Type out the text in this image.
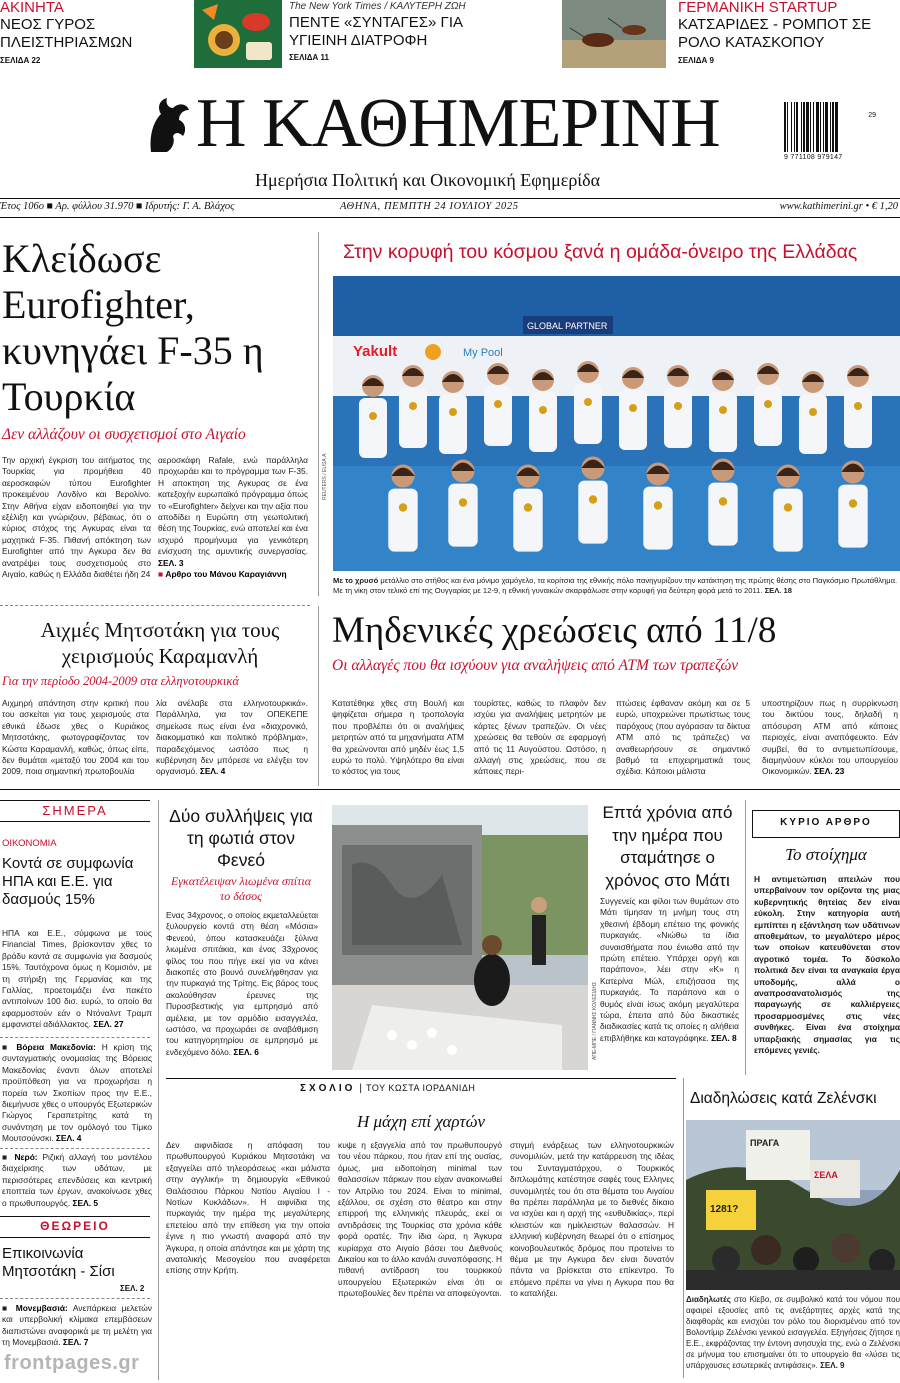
ΑΚΙΝΗΤΑ
ΝΕΟΣ ΓΥΡΟΣ ΠΛΕΙΣΤΗΡΙΑΣΜΩΝ
ΣΕΛΙΔΑ 22
The New York Times / ΚΑΛΥΤΕΡΗ ΖΩΗ
ΠΕΝΤΕ «ΣΥΝΤΑΓΕΣ» ΓΙΑ ΥΓΙΕΙΝΗ ΔΙΑΤΡΟΦΗ
ΣΕΛΙΔΑ 11
ΓΕΡΜΑΝΙΚΗ STARTUP
ΚΑΤΣΑΡΙΔΕΣ - ΡΟΜΠΟΤ ΣΕ ΡΟΛΟ ΚΑΤΑΣΚΟΠΟΥ
ΣΕΛΙΔΑ 9
Η ΚΑΘΗΜΕΡΙΝΗ
Ημερήσια Πολιτική και Οικονομική Εφημερίδα
29
9 771108 979147
Έτος 106ο ■ Αρ. φύλλου 31.970 ■ Ιδρυτής: Γ. Α. Βλάχος	ΑΘΗΝΑ, ΠΕΜΠΤΗ 24 ΙΟΥΛΙΟΥ 2025	www.kathimerini.gr • € 1,20
Κλείδωσε Eurofighter, κυνηγάει F-35 η Τουρκία
Δεν αλλάζουν οι συσχετισμοί στο Αιγαίο
Την αρχική έγκριση του αιτήματος της Τουρκίας για προμήθεια 40 αεροσκαφών τύπου Eurofighter προκειμένου Λονδίνο και Βερολίνο. Στην Αθήνα είχαν ειδοποιηθεί για την εξέλιξη και γνώριζουν, βέβαιως, ότι ο κύριος στόχος της Αγκυρας είναι τα μαχητικά F-35. Πιθανή απόκτηση των Eurofighter από την Αγκυρα δεν θα ανατρέψει τους συσχετισμούς στο Αιγαίο, καθώς η Ελλάδα διαθέτει ήδη 24
αεροσκάφη Rafale, ενώ παράλληλα προχωράει και το πρόγραμμα των F-35. Η αποκτηση της Αγκυρας σε ένα κατεξοχήν ευρωπαϊκό πρόγραμμα όπως το «Eurofighter» δείχνει και την αξία που αποδίδει η Ευρώπη στη γεωπολιτική θέση της Τουρκίας, ενώ αποτελεί και ένα ισχυρό προμήνυμα για γενικότερη ενίσχυση της αμυντικής συνεργασίας. ΣΕΛ. 3
■ Αρθρο του Μάνου Καραγιάννη
Στην κορυφή του κόσμου ξανά η ομάδα-όνειρο της Ελλάδας
Yakult	My Pool
GLOBAL PARTNER
REUTERS / EUSA.A
Με το χρυσό μετάλλιο στο στήθος και ένα μόνιμο χαμόγελο, τα κορίτσια της εθνικής πόλο πανηγυρίζουν την κατάκτηση της πρώτης θέσης στο Παγκόσμιο Πρωτάθλημα. Με τη νίκη στον τελικό επί της Ουγγαρίας με 12-9, η εθνική γυναικών σκαρφάλωσε στην κορυφή για δεύτερη φορά μετά το 2011. ΣΕΛ. 18
Αιχμές Μητσοτάκη για τους χειρισμούς Καραμανλή
Για την περίοδο 2004-2009 στα ελληνοτουρκικά
Αιχμηρή απάντηση στην κριτική που του ασκείται για τους χειρισμούς στα εθνικά έδωσε χθες ο Κυριάκος Μητσοτάκης, φωτογραφίζοντας τον Κώστα Καραμανλή, καθώς, όπως είπε, δεν θυμάται «μεταξύ του 2004 και του 2009, ποια σημαντική πρωτοβουλία
λία ανέλαβε στα ελληνοτουρκικά». Παράλληλα, για τον ΟΠΕΚΕΠΕ σημείωσε πως είναι ένα «διαχρονικό, διακομματικό και πολιτικό πρόβλημα», παραδεχόμενος ωστόσο πως η κυβέρνηση δεν μπόρεσε να ελέγξει τον οργανισμό. ΣΕΛ. 4
Μηδενικές χρεώσεις από 11/8
Οι αλλαγές που θα ισχύουν για αναλήψεις από ΑΤΜ των τραπεζών
Κατατέθηκε χθες στη Βουλή και ψηφίζεται σήμερα η τροπολογία που προβλέπει ότι οι αναλήψεις μετρητών από τα μηχανήματα ATM θα χρεώνονται από μηδέν έως 1,5 ευρώ το πολύ. Υψηλότερο θα είναι το κόστος για τους
τουρίστες, καθώς το πλαφόν δεν ισχύει για αναλήψεις μετρητών με κάρτες ξένων τραπεζών. Οι νέες χρεώσεις θα τεθούν σε εφαρμογή από τις 11 Αυγούστου. Ωστόσο, η αλλαγή στις χρεώσεις, που σε κάποιες περι-
πτώσεις έφθαναν ακόμη και σε 5 ευρώ, υποχρεώνει πρωτίστως τους παρόχους (που αγόρασαν τα δίκτυα ATM από τις τράπεζες) να αναθεωρήσουν σε σημαντικό βαθμό τα επιχειρηματικά τους σχέδια. Κάποιοι μάλιστα
υποστηρίζουν πως η συρρίκνωση του δικτύου τους, δηλαδή η απόσυρση ATM από κάποιες περιοχές, είναι αναπόφευκτο. Εάν συμβεί, θα το αντιμετωπίσουμε, διαμηνύουν κύκλοι του υπουργείου Οικονομικών. ΣΕΛ. 23
ΣΗΜΕΡΑ
ΟΙΚΟΝΟΜΙΑ
Κοντά σε συμφωνία ΗΠΑ και Ε.Ε. για δασμούς 15%
ΗΠΑ και Ε.Ε., σύμφωνα με τους Financial Times, βρίσκονταν χθες το βράδυ κοντά σε συμφωνία για δασμούς 15%. Ταυτόχρονα όμως η Κομισιόν, με τη στήριξη της Γερμανίας και της Γαλλίας, προετοιμάζει ένα πακέτο αντιποίνων 100 δισ. ευρώ, το οποίο θα εφαρμοστούν εάν ο Ντόναλντ Τραμπ εμφανιστεί αδιάλλακτος. ΣΕΛ. 27
■ Βόρεια Μακεδονία: Η κρίση της συνταγματικής ονομασίας της Βόρειας Μακεδονίας έναντι όλων αποτελεί προϋπόθεση για να προχωρήσει η πορεία των Σκοπίων προς την Ε.Ε., διεμήνυσε χθες ο υπουργός Εξωτερικών Γιώργος Γεραπετρίτης κατά τη συνάντηση με τον ομόλογό του Τίμκο Μουτσούνσκι. ΣΕΛ. 4
■ Νερό: Ριζική αλλαγή του μοντέλου διαχείρισης των υδάτων, με περισσότερες επενδύσεις και κεντρική εποπτεία των έργων, ανακοίνωσε χθες ο πρωθυπουργός. ΣΕΛ. 5
ΘΕΩΡΕΙΟ
Επικοινωνία Μητσοτάκη - Σίσι
ΣΕΛ. 2
■ Μονεμβασιά: Ανεπάρκεια μελετών και υπερβολική κλίμακα επεμβάσεων διαπιστώνει αναφορικά με τη μελέτη για τη Μονεμβασιά. ΣΕΛ. 7
Δύο συλλήψεις για τη φωτιά στον Φενεό
Εγκατέλειψαν λιωμένα σπίτια το δάσος
Ενας 34χρονος, ο οποίος εκμεταλλεύεται ξυλουργείο κοντά στη θέση «Μόσια» Φενεού, όπου κατασκευάζει ξύλινα λιωμένα σπιτάκια, και ένας 33χρονος φίλος του που πήγε εκεί για να κάνει διακοπές στο βουνό συνελήφθησαν για την πυρκαγιά της Τρίτης. Εις βάρος τους ακολούθησαν έρευνες της Πυροσβεστικής για εμπρησμό από αμέλεια, με τον αρμόδιο εισαγγελέα, ωστόσο, να προχωράει σε αναβάθμιση του κατηγορητηρίου σε εμπρησμό με ενδεχόμενο δόλο. ΣΕΛ. 6	ΑΠΕ-ΜΠΕ / ΓΙΑΝΝΗΣ ΚΟΛΕΣΙΔΗΣ
Επτά χρόνια από την ημέρα που σταμάτησε ο χρόνος στο Μάτι
Συγγενείς και φίλοι των θυμάτων στο Μάτι τίμησαν τη μνήμη τους στη χθεσινή έβδομη επέτειο της φονικής πυρκαγιάς. «Νιώθω τα ίδια συναισθήματα που ένιωθα από την πρώτη επέτειο. Υπάρχει οργή και παράπονο», λέει στην «Κ» η Κατερίνα Μώλ, επιζήσασα της πυρκαγιάς. Το παράπονο και ο θυμός είναι ίσως ακόμη μεγαλύτερα τώρα, έπειτα από δύο δικαστικές διαδικασίες κατά τις οποίες η αλήθεια επιβλήθηκε και καταγράφηκε. ΣΕΛ. 8
ΚΥΡΙΟ ΑΡΘΡΟ
Το στοίχημα
Η αντιμετώπιση απειλών που υπερβαίνουν τον ορίζοντα της μιας κυβερνητικής θητείας δεν είναι εύκολη. Στην κατηγορία αυτή εμπίπτει η εξάντληση των υδάτινων αποθεμάτων, το μεγαλύτερο μέρος των οποίων κατευθύνεται στον αγροτικό τομέα. Το δύσκολο πολιτικά δεν είναι τα αναγκαία έργα υποδομής, αλλά ο αναπροσανατολισμός της παραγωγής σε καλλιέργειες προσαρμοσμένες στις νέες συνθήκες. Είναι ένα στοίχημα υπαρξιακής σημασίας για τις επόμενες γενιές.
ΣΧΟΛΙΟ | ΤΟΥ ΚΩΣΤΑ ΙΟΡΔΑΝΙΔΗ
Η μάχη επί χαρτών
Δεν αιφνιδίασε η απόφαση του πρωθυπουργού Κυριάκου Μητσοτάκη να εξαγγείλει από τηλεοράσεως «και μάλιστα στην αγγλική» τη δημιουργία «Εθνικού Θαλάσσιου Πάρκου Νοτίου Αιγαίου Ι - Νοτίων Κυκλάδων». Η αιφνίδια της πυρκαγιάς την ημέρα της μεγαλύτερης επετείου από την επίθεση για την οποία έγινε η πιο γνωστή αναφορά από την Άγκυρα, η οποία απάντησε και με χάρτη της ανατολικής Μεσογείου που αναφέρεται επίσης στην Κρήτη.
κυψε η εξαγγελία από τον πρωθυπουργό του νέου πάρκου, που ήταν επί της ουσίας, όμως, μια ειδοποίηση minimal των θαλασσίων πάρκων που είχαν ανακοινωθεί τον Απρίλιο του 2024. Είναι το minimal, εξάλλου, σε σχέση στο θέατρο και στην επιρροή της ελληνικής πλευράς, εκεί οι αντιδράσεις της Τουρκίας στα χρόνια κάθε φορά ορατές. Την ίδια ώρα, η Άγκυρα κυρίαρχα στο Αιγαίο βάσει του Διεθνούς Δικαίου και το άλλο κανάλι συναπόφασης. Η πιθανή αντίδραση του τουρκικού υπουργείου Εξωτερικών είναι ότι οι πρωτοβουλίες δεν πρέπει να αποφεύγονται.
στιγμή ενάρξεως των ελληνοτουρκικών συνομιλιών, μετά την κατάρρευση της ιδέας του Συνταγματάρχου, ο Τουρκικός διπλωμάτης κατέστησε σαφές τους Ελληνες συνομιλητές του ότι στα θέματα του Αιγαίου θα πρέπει παράλληλα με το διεθνές δίκαιο να ισχύει και η αρχή της «ευθυδικίας», περί κλειστών και ημίκλειστων θαλασσών. Η ελληνική κυβέρνηση θεωρεί ότι ο επίσημος κοινοβουλευτικός δρόμος που προτείνει το θέμα με την Αγκυρα δεν είναι δυνατόν πάντα να βρίσκεται στο επίκεντρο. Το επόμενο πρέπει να γίνει η Αγκυρα που θα το καταλήξει.
Διαδηλώσεις κατά Ζελένσκι
ΠΡΑΓΑ
ΣΕΛΑ
1281?
Διαδηλωτές στο Κίεβο, σε συμβολικό κατά του νόμου που αφαιρεί εξουσίες από τις ανεξάρτητες αρχές κατά της διαφθοράς και ενισχύει τον ρόλο του διορισμένου από τον Βολοντίμιρ Ζελένσκι γενικού εισαγγελέα. Εξηγήσεις ζήτησε η Ε.Ε., εκφράζοντας την έντονη ανησυχία της, ενώ ο Ζελένσκι σε μήνυμα του επισημαίνει ότι το υπουργείο θα «λύσει τις υπάρχουσες εσωτερικές αντιφάσεις». ΣΕΛ. 9
frontpages.gr
